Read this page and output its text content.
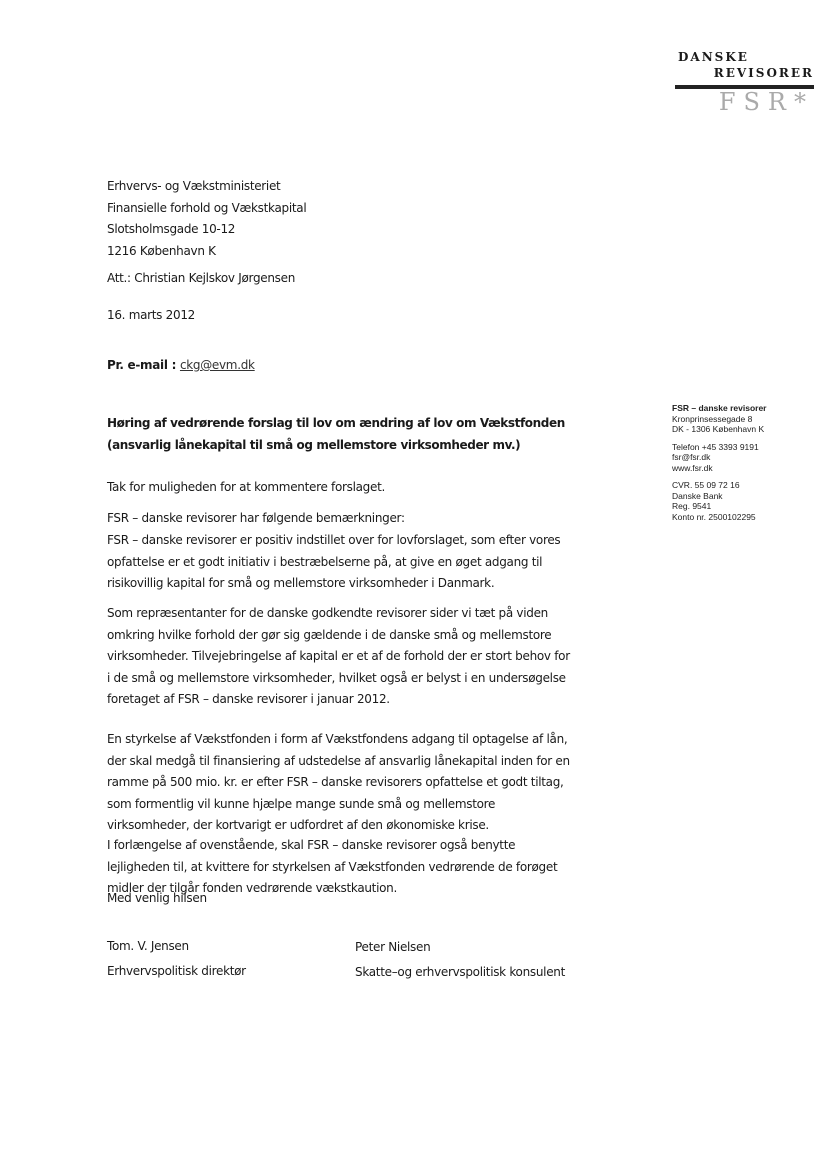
DANSKE
REVISORER
FSR*
Erhvervs- og Vækstministeriet
Finansielle forhold og Vækstkapital
Slotsholmsgade 10-12
1216 København K
Att.: Christian Kejlskov Jørgensen
16. marts 2012
Pr. e-mail : ckg@evm.dk
FSR – danske revisorer
Kronprinsessegade 8
DK - 1306 København K
Telefon +45 3393 9191
fsr@fsr.dk
www.fsr.dk
CVR. 55 09 72 16
Danske Bank
Reg. 9541
Konto nr. 2500102295
Høring af vedrørende forslag til lov om ændring af lov om Vækstfonden
(ansvarlig lånekapital til små og mellemstore virksomheder mv.)
Tak for muligheden for at kommentere forslaget.
FSR – danske revisorer har følgende bemærkninger:
FSR – danske revisorer er positiv indstillet over for lovforslaget, som efter vores
opfattelse er et godt initiativ i bestræbelserne på, at give en øget adgang til
risikovillig kapital for små og mellemstore virksomheder i Danmark.
Som repræsentanter for de danske godkendte revisorer sider vi tæt på viden
omkring hvilke forhold der gør sig gældende i de danske små og mellemstore
virksomheder. Tilvejebringelse af kapital er et af de forhold der er stort behov for
i de små og mellemstore virksomheder, hvilket også er belyst i en undersøgelse
foretaget af FSR – danske revisorer i januar 2012.
En styrkelse af Vækstfonden i form af Vækstfondens adgang til optagelse af lån,
der skal medgå til finansiering af udstedelse af ansvarlig lånekapital inden for en
ramme på 500 mio. kr. er efter FSR – danske revisorers opfattelse et godt tiltag,
som formentlig vil kunne hjælpe mange sunde små og mellemstore
virksomheder, der kortvarigt er udfordret af den økonomiske krise.
I forlængelse af ovenstående, skal FSR – danske revisorer også benytte
lejligheden til, at kvittere for styrkelsen af Vækstfonden vedrørende de forøget
midler der tilgår fonden vedrørende vækstkaution.
Med venlig hilsen
Tom. V. Jensen
Erhvervspolitisk direktør
Peter Nielsen
Skatte–og erhvervspolitisk konsulent
